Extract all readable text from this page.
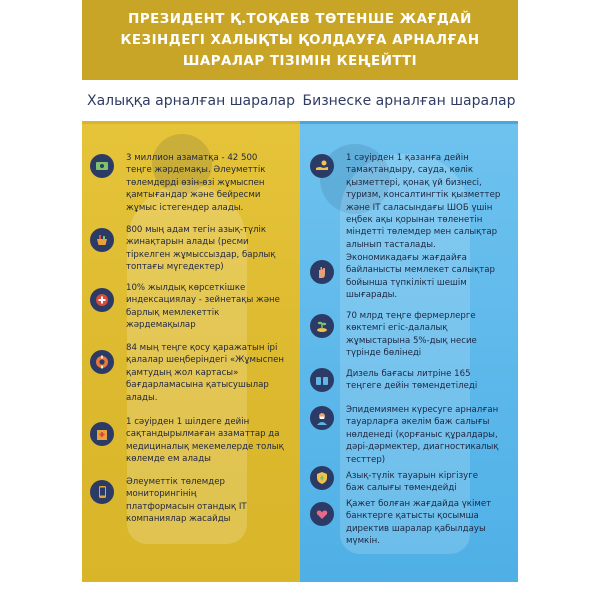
ПРЕЗИДЕНТ Қ.ТОҚАЕВ ТӨТЕНШЕ ЖАҒДАЙ
КЕЗІНДЕГІ ХАЛЫҚТЫ ҚОЛДАУҒА АРНАЛҒАН
ШАРАЛАР ТІЗІМІН КЕҢЕЙТТІ
Халыққа арналған шаралар Бизнеске арналған шаралар
3 миллион азаматқа - 42 500
теңге жәрдемақы. Әлеуметтік
төлемдерді өзін-өзі жұмыспен
қамтығандар және бейресми
жұмыс істегендер алады.
800 мың адам тегін азық-түлік
жинақтарын алады (ресми
тіркелген жұмыссыздар, барлық
топтағы мүгедектер)
10% жылдық көрсеткішке
индексациялау - зейнетақы және
барлық мемлекеттік
жәрдемақылар
84 мың теңге қосу қаражатын ірі
қалалар шеңберіндегі «Жұмыспен
қамтудың жол картасы»
бағдарламасына қатысушылар
алады.
1 сәуірден 1 шілдеге дейін
сақтандырылмаған азаматтар да
медициналық мекемелерде толық
көлемде ем алады
Әлеуметтік төлемдер
мониторингінің
платформасын отандық IT
компаниялар жасайды
1 сәуірден 1 қазанға дейін
тамақтандыру, сауда, көлік
қызметтері, қонақ үй бизнесі,
туризм, консалтингтік қызметтер
және IT саласындағы ШОБ үшін
еңбек ақы қорынан төленетін
міндетті төлемдер мен салықтар
алынып тасталады.
Экономикадағы жағдайға
байланысты мемлекет салықтар
бойынша түпкілікті шешім
шығарады.
70 млрд теңге фермерлерге
көктемгі егіс-далалық
жұмыстарына 5%-дық несие
түрінде бөлінеді
Дизель бағасы литріне 165
теңгеге дейін төмендетіледі
Эпидемиямен күресуге арналған
тауарларға әкелім баж салығы
нөлденеді (қорғаныс құралдары,
дәрі-дәрмектер, диагностикалық
тесттер)
Азық-түлік тауарын кіргізуге
баж салығы төмендейді
Қажет болған жағдайда үкімет
банктерге қатысты қосымша
директив шаралар қабылдауы
мүмкін.
